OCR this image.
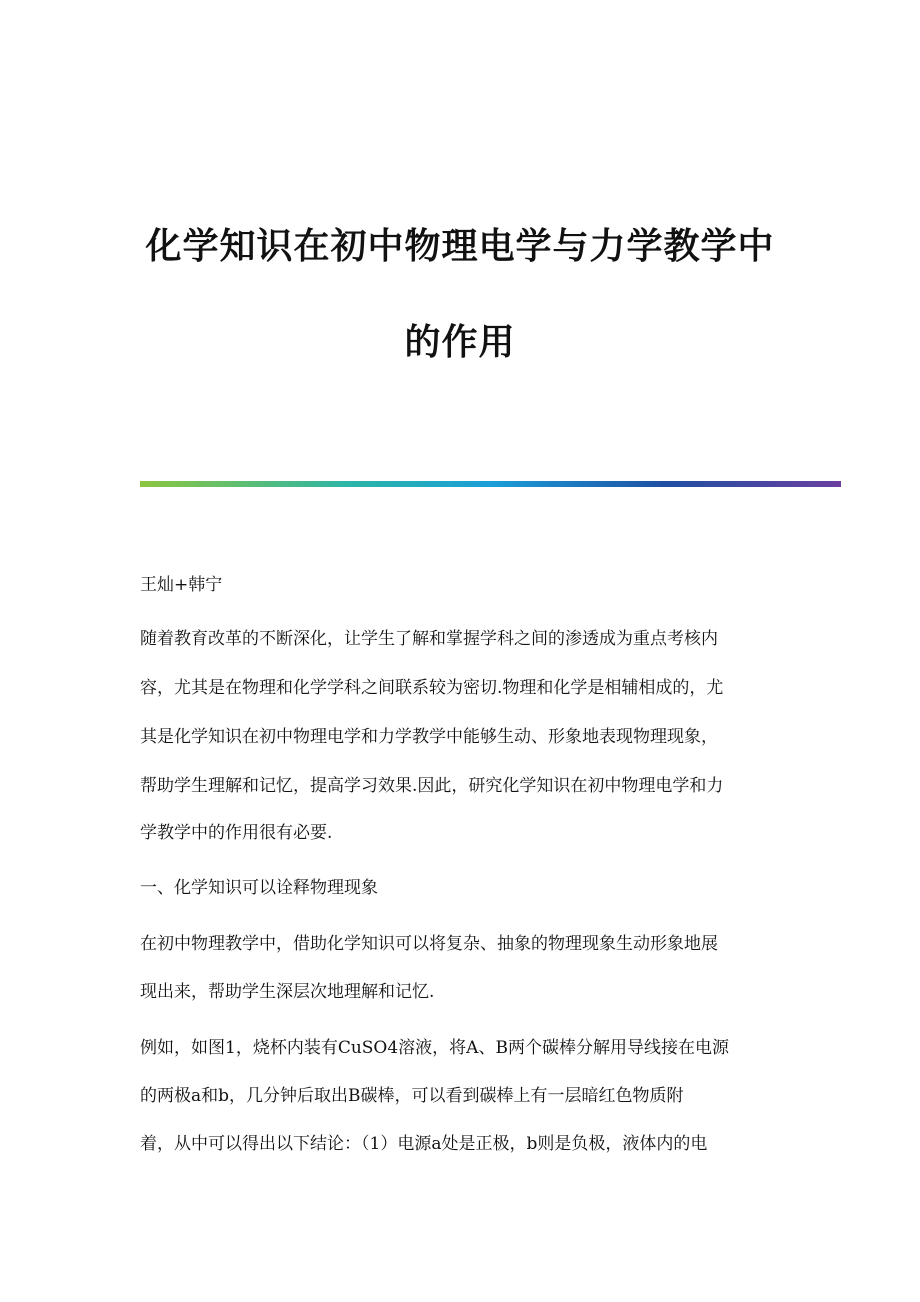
化学知识在初中物理电学与力学教学中
的作用
王灿+韩宁
随着教育改革的不断深化，让学生了解和掌握学科之间的渗透成为重点考核内
容，尤其是在物理和化学学科之间联系较为密切.物理和化学是相辅相成的，尤
其是化学知识在初中物理电学和力学教学中能够生动、形象地表现物理现象，
帮助学生理解和记忆，提高学习效果.因此，研究化学知识在初中物理电学和力
学教学中的作用很有必要.
一、化学知识可以诠释物理现象
在初中物理教学中，借助化学知识可以将复杂、抽象的物理现象生动形象地展
现出来，帮助学生深层次地理解和记忆.
例如，如图1，烧杯内装有CuSO4溶液，将A、B两个碳棒分解用导线接在电源
的两极a和b，几分钟后取出B碳棒，可以看到碳棒上有一层暗红色物质附
着，从中可以得出以下结论：（1）电源a处是正极，b则是负极，液体内的电
